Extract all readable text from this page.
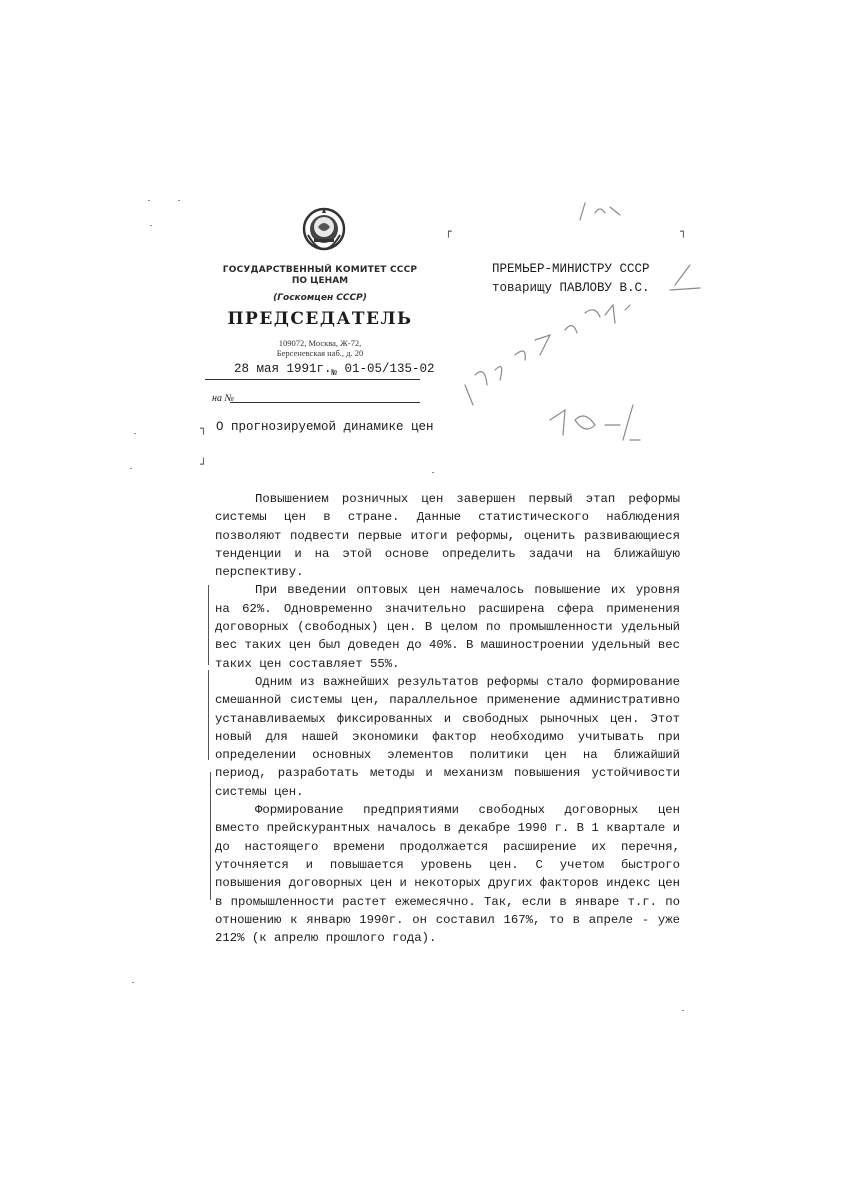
ГОСУДАРСТВЕННЫЙ КОМИТЕТ СССР
ПО ЦЕНАМ
(Госкомцен СССР)
ПРЕДСЕДАТЕЛЬ
109072, Москва, Ж-72,
Берсеневская наб., д. 20
28 мая $1991г._№$ 01-05/135-02
на №
┐
┘
┌	┐
О прогнозируемой динамике цен
ПРЕМЬЕР-МИНИСТРУ СССР
товарищу ПАВЛОВУ В.С.

Повышением розничных цен завершен первый этап реформы системы цен в стране. Данные статистического наблюдения позволяют подвести первые итоги реформы, оценить развивающиеся тенденции и на этой основе определить задачи на ближайшую перспективу.

При введении оптовых цен намечалось повышение их уровня на 62%. Одновременно значительно расширена сфера применения договорных (свободных) цен. В целом по промышленности удельный вес таких цен был доведен до 40%. В машиностроении удельный вес таких цен составляет 55%.

Одним из важнейших результатов реформы стало формирование смешанной системы цен, параллельное применение административно устанавливаемых фиксированных и свободных рыночных цен. Этот новый для нашей экономики фактор необходимо учитывать при определении основных элементов политики цен на ближайший период, разработать методы и механизм повышения устойчивости системы цен.

Формирование предприятиями свободных договорных цен вместо прейскурантных началось в декабре 1990 г. В 1 квартале и до настоящего времени продолжается расширение их перечня, уточняется и повышается уровень цен. С учетом быстрого повышения договорных цен и некоторых других факторов индекс цен в промышленности растет ежемесячно. Так, если в январе т.г. по отношению к январю 1990г. он составил 167%, то в апреле - уже 212% (к апрелю прошлого года).
